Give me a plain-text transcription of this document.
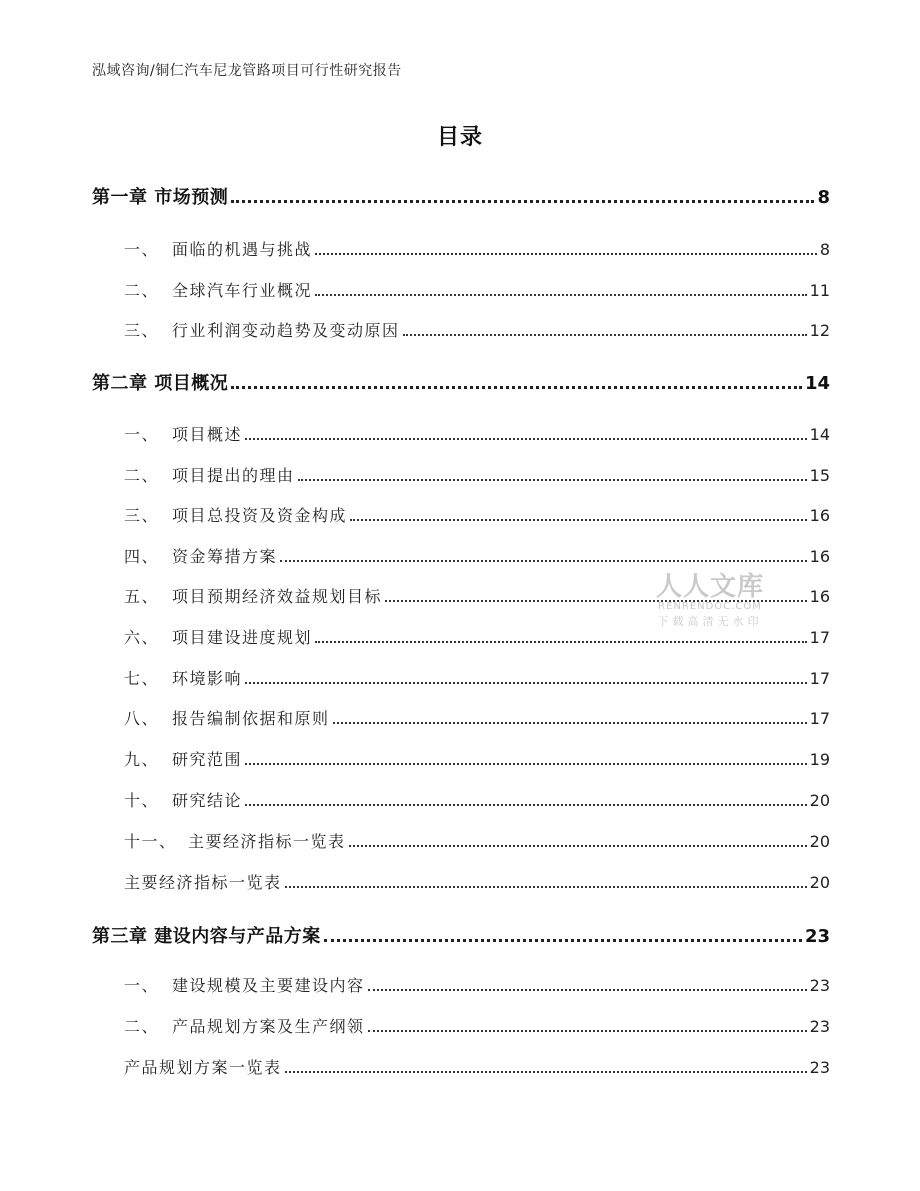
泓域咨询/铜仁汽车尼龙管路项目可行性研究报告
目录
第一章 市场预测	8
一、 面临的机遇与挑战	8
二、 全球汽车行业概况	11
三、 行业利润变动趋势及变动原因	12
第二章 项目概况	14
一、 项目概述	14
二、 项目提出的理由	15
三、 项目总投资及资金构成	16
四、 资金筹措方案	16
五、 项目预期经济效益规划目标	16
六、 项目建设进度规划	17
七、 环境影响	17
八、 报告编制依据和原则	17
九、 研究范围	19
十、 研究结论	20
十一、 主要经济指标一览表	20
主要经济指标一览表	20
第三章 建设内容与产品方案	23
一、 建设规模及主要建设内容	23
二、 产品规划方案及生产纲领	23
产品规划方案一览表	23
人人文库
RENRENDOC.COM
下载高清无水印
